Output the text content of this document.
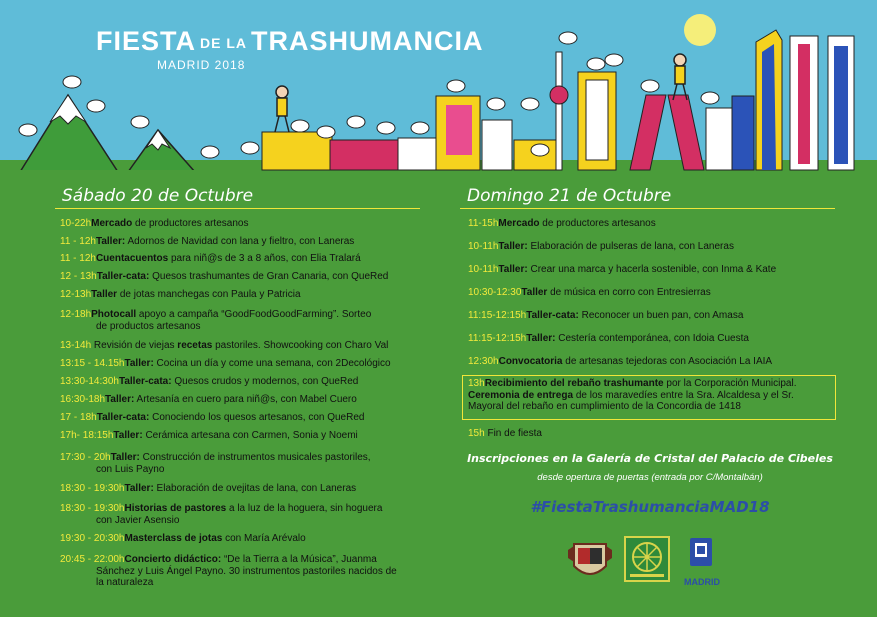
FIESTA DE LA TRASHUMANCIA
MADRID 2018
Sábado 20 de Octubre
10-22hMercado de productores artesanos
11 - 12hTaller: Adornos de Navidad con lana y fieltro, con Laneras
11 - 12hCuentacuentos para niñ@s de 3 a 8 años, con Elia Tralará
12 - 13hTaller-cata: Quesos trashumantes de Gran Canaria, con QueRed
12-13hTaller de jotas manchegas con Paula y Patricia
12-18hPhotocall apoyo a campaña “GoodFoodGoodFarming”. Sorteo
de productos artesanos
13-14h Revisión de viejas recetas pastoriles. Showcooking con Charo Val
13:15 - 14.15hTaller: Cocina un día y come una semana, con 2Decológico
13:30-14:30hTaller-cata: Quesos crudos y modernos, con QueRed
16:30-18hTaller: Artesanía en cuero para niñ@s, con Mabel Cuero
17 - 18hTaller-cata: Conociendo los quesos artesanos, con QueRed
17h- 18:15hTaller: Cerámica artesana con Carmen, Sonia y Noemi
17:30 - 20hTaller: Construcción de instrumentos musicales pastoriles,
con Luis Payno
18:30 - 19:30hTaller: Elaboración de ovejitas de lana, con Laneras
18:30 - 19:30hHistorias de pastores a la luz de la hoguera, sin hoguera
con Javier Asensio
19:30 - 20:30hMasterclass de jotas con María Arévalo
20:45 - 22:00hConcierto didáctico: “De la Tierra a la Música”, Juanma
Sánchez y Luis Ángel Payno. 30 instrumentos pastoriles nacidos de
la naturaleza
Domingo 21 de Octubre
11-15hMercado de productores artesanos
10-11hTaller: Elaboración de pulseras de lana, con Laneras
10-11hTaller: Crear una marca y hacerla sostenible, con Inma & Kate
10:30-12:30Taller de música en corro con Entresierras
11:15-12:15hTaller-cata: Reconocer un buen pan, con Amasa
11:15-12:15hTaller: Cestería contemporánea, con Idoia Cuesta
12:30hConvocatoria de artesanas tejedoras con Asociación La IAIA
13hRecibimiento del rebaño trashumante por la Corporación Municipal.
Ceremonia de entrega de los maravedíes entre la Sra. Alcaldesa y el Sr.
Mayoral del rebaño en cumplimiento de la Concordia de 1418
15h Fin de fiesta
Inscripciones en la Galería de Cristal del Palacio de Cibeles
desde opertura de puertas (entrada por C/Montalbán)
#FiestaTrashumanciaMAD18
MADRID
